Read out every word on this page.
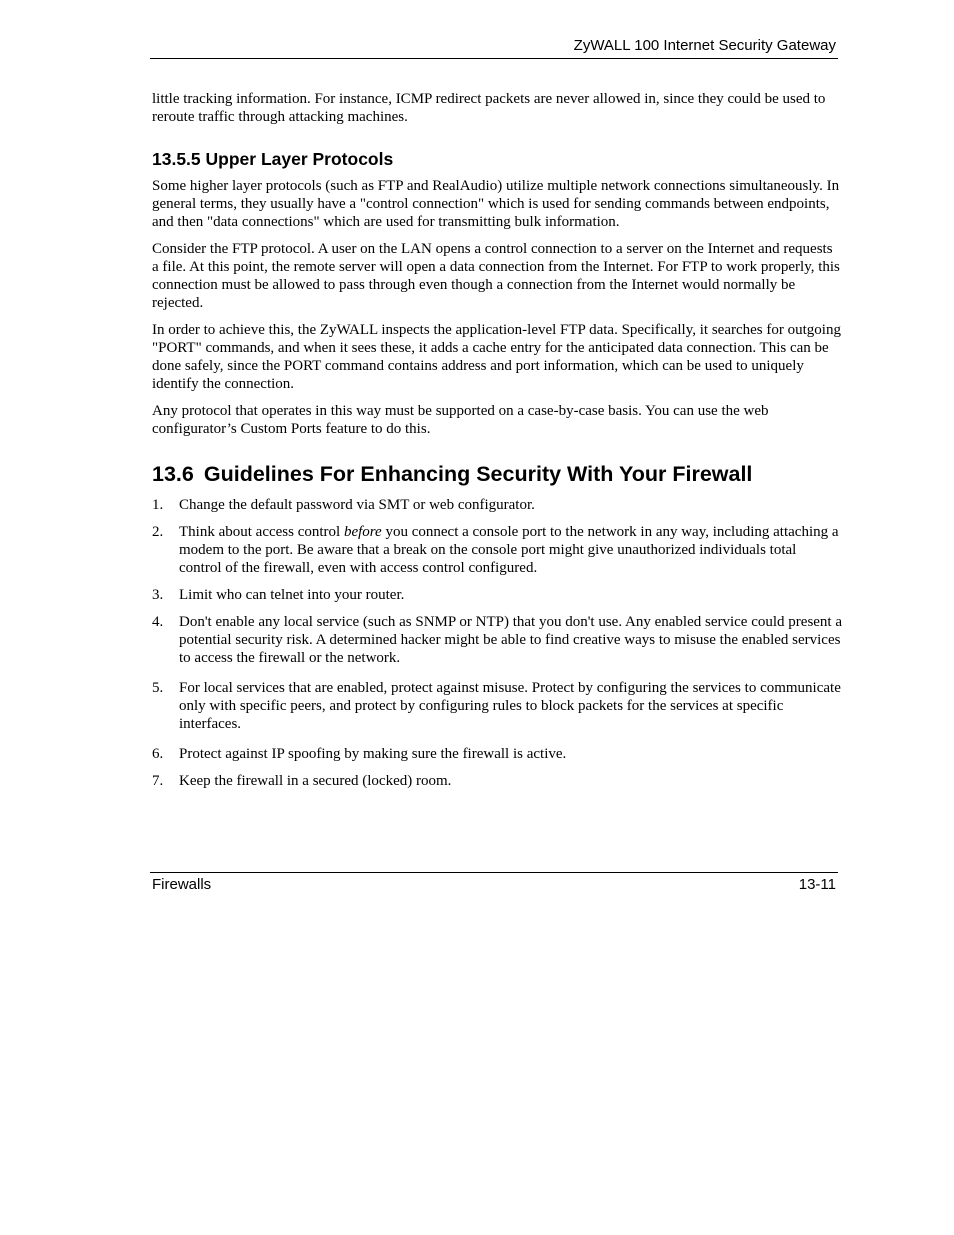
ZyWALL 100 Internet Security Gateway

little tracking information. For instance, ICMP redirect packets are never allowed in, since they could be used to reroute traffic through attacking machines.

13.5.5 Upper Layer Protocols

Some higher layer protocols (such as FTP and RealAudio) utilize multiple network connections simultaneously. In general terms, they usually have a "control connection" which is used for sending commands between endpoints, and then "data connections" which are used for transmitting bulk information.

Consider the FTP protocol. A user on the LAN opens a control connection to a server on the Internet and requests a file. At this point, the remote server will open a data connection from the Internet. For FTP to work properly, this connection must be allowed to pass through even though a connection from the Internet would normally be rejected.

In order to achieve this, the ZyWALL inspects the application-level FTP data. Specifically, it searches for outgoing "PORT" commands, and when it sees these, it adds a cache entry for the anticipated data connection. This can be done safely, since the PORT command contains address and port information, which can be used to uniquely identify the connection.

Any protocol that operates in this way must be supported on a case-by-case basis. You can use the web configurator’s Custom Ports feature to do this.

13.6 Guidelines For Enhancing Security With Your Firewall
1. Change the default password via SMT or web configurator.
2. Think about access control before you connect a console port to the network in any way, including attaching a modem to the port. Be aware that a break on the console port might give unauthorized individuals total control of the firewall, even with access control configured.
3. Limit who can telnet into your router.
4. Don't enable any local service (such as SNMP or NTP) that you don't use. Any enabled service could present a potential security risk. A determined hacker might be able to find creative ways to misuse the enabled services to access the firewall or the network.
5. For local services that are enabled, protect against misuse. Protect by configuring the services to communicate only with specific peers, and protect by configuring rules to block packets for the services at specific interfaces.
6. Protect against IP spoofing by making sure the firewall is active.
7. Keep the firewall in a secured (locked) room.
Firewalls	13-11
